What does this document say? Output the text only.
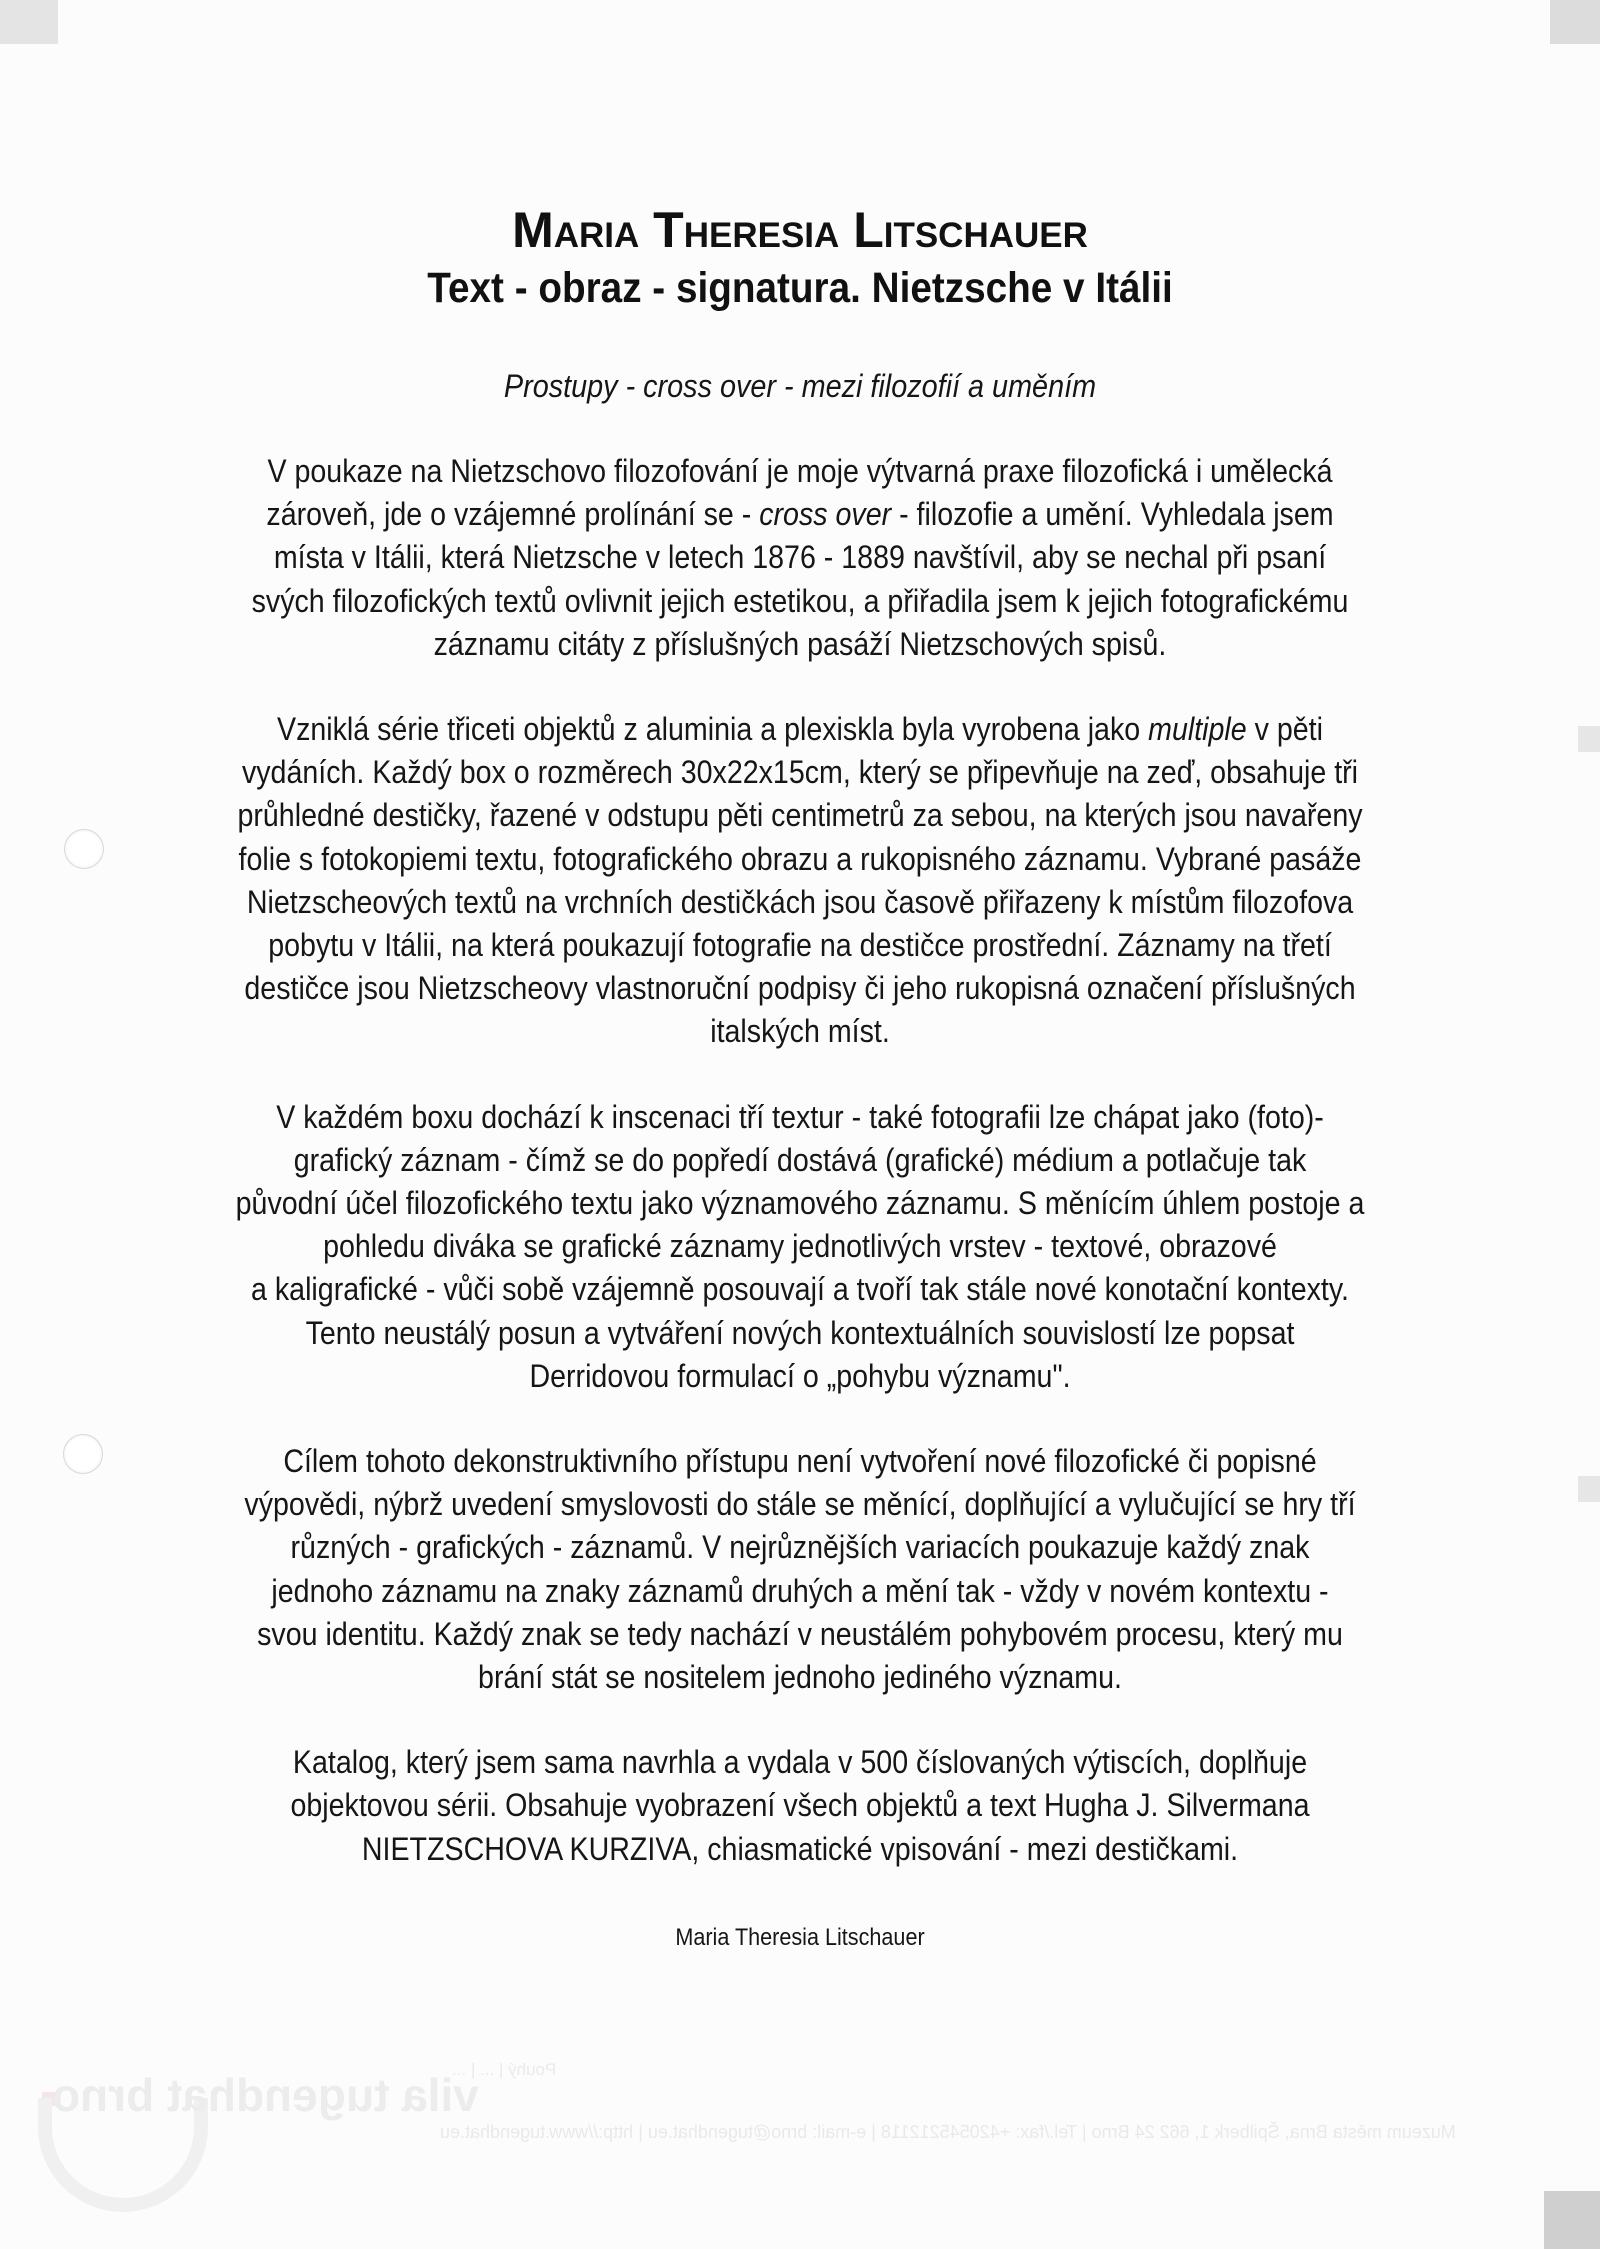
Maria Theresia Litschauer
Text - obraz - signatura. Nietzsche v Itálii

Prostupy - cross over - mezi filozofií a uměním

V poukaze na Nietzschovo filozofování je moje výtvarná praxe filozofická i umělecká
zároveň, jde o vzájemné prolínání se - cross over - filozofie a umění. Vyhledala jsem
místa v Itálii, která Nietzsche v letech 1876 - 1889 navštívil, aby se nechal při psaní
svých filozofických textů ovlivnit jejich estetikou, a přiřadila jsem k jejich fotografickému
záznamu citáty z příslušných pasáží Nietzschových spisů.
Vzniklá série třiceti objektů z aluminia a plexiskla byla vyrobena jako multiple v pěti
vydáních. Každý box o rozměrech 30x22x15cm, který se připevňuje na zeď, obsahuje tři
průhledné destičky, řazené v odstupu pěti centimetrů za sebou, na kterých jsou navařeny
folie s fotokopiemi textu, fotografického obrazu a rukopisného záznamu. Vybrané pasáže
Nietzscheových textů na vrchních destičkách jsou časově přiřazeny k místům filozofova
pobytu v Itálii, na která poukazují fotografie na destičce prostřední. Záznamy na třetí
destičce jsou Nietzscheovy vlastnoruční podpisy či jeho rukopisná označení příslušných
italských míst.
V každém boxu dochází k inscenaci tří textur - také fotografii lze chápat jako (foto)-
grafický záznam - čímž se do popředí dostává (grafické) médium a potlačuje tak
původní účel filozofického textu jako významového záznamu. S měnícím úhlem postoje a
pohledu diváka se grafické záznamy jednotlivých vrstev - textové, obrazové
a kaligrafické - vůči sobě vzájemně posouvají a tvoří tak stále nové konotační kontexty.
Tento neustálý posun a vytváření nových kontextuálních souvislostí lze popsat
Derridovou formulací o „pohybu významu".
Cílem tohoto dekonstruktivního přístupu není vytvoření nové filozofické či popisné
výpovědi, nýbrž uvedení smyslovosti do stále se měnící, doplňující a vylučující se hry tří
různých - grafických - záznamů. V nejrůznějších variacích poukazuje každý znak
jednoho záznamu na znaky záznamů druhých a mění tak - vždy v novém kontextu -
svou identitu. Každý znak se tedy nachází v neustálém pohybovém procesu, který mu
brání stát se nositelem jednoho jediného významu.
Katalog, který jsem sama navrhla a vydala v 500 číslovaných výtiscích, doplňuje
objektovou sérii. Obsahuje vyobrazení všech objektů a text Hugha J. Silvermana
NIETZSCHOVA KURZIVA, chiasmatické vpisování - mezi destičkami.

Maria Theresia Litschauer

vila tugendhat brno
Pouhý | ... | ...
Muzeum města Brna, Špilberk 1, 662 24 Brno | Tel./fax: +420545212118 | e-mail: brno@tugendhat.eu | http://www.tugendhat.eu
